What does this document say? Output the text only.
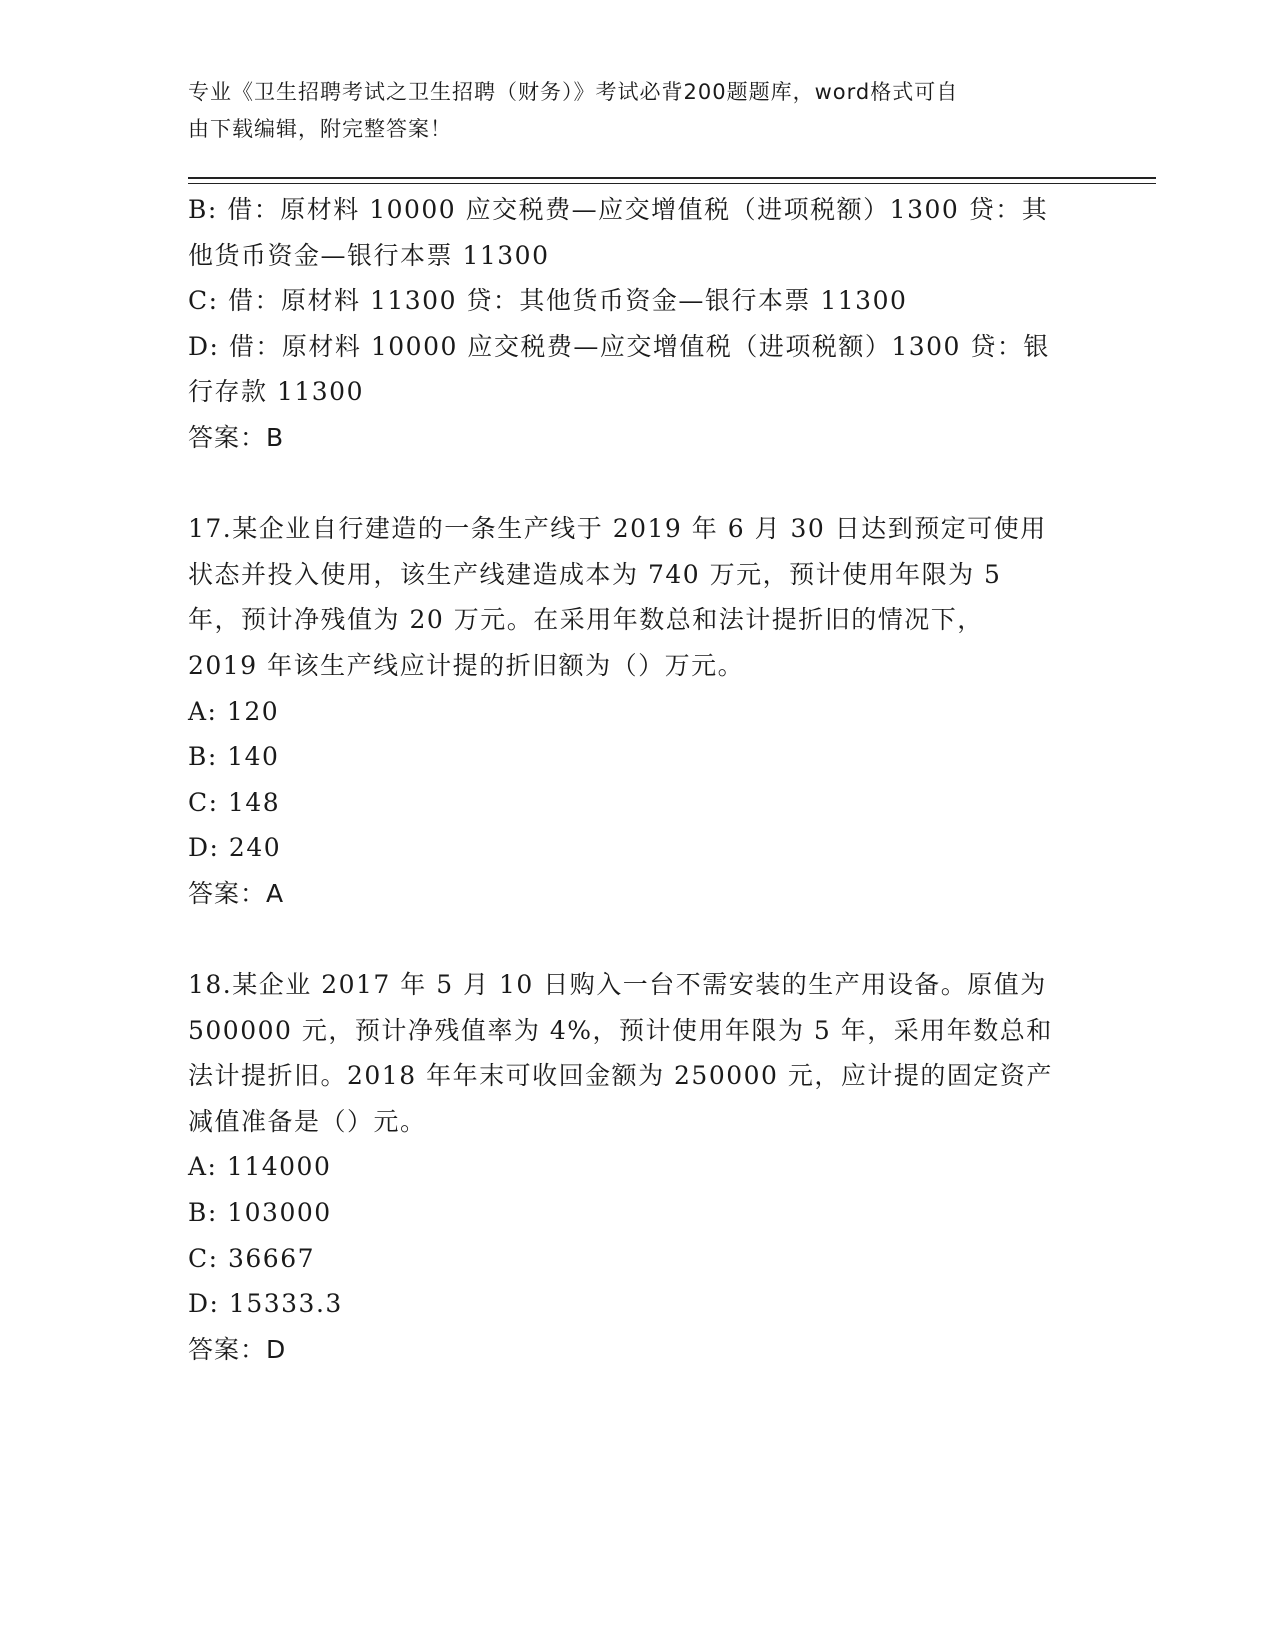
专业《卫生招聘考试之卫生招聘（财务）》考试必背200题题库，word格式可自
由下载编辑，附完整答案！
B: 借：原材料 10000 应交税费—应交增值税（进项税额）1300 贷：其
他货币资金—银行本票 11300
C: 借：原材料 11300 贷：其他货币资金—银行本票 11300
D: 借：原材料 10000 应交税费—应交增值税（进项税额）1300 贷：银
行存款 11300
答案：B
17.某企业自行建造的一条生产线于 2019 年 6 月 30 日达到预定可使用
状态并投入使用，该生产线建造成本为 740 万元，预计使用年限为 5
年，预计净残值为 20 万元。在采用年数总和法计提折旧的情况下，
2019 年该生产线应计提的折旧额为（）万元。
A: 120
B: 140
C: 148
D: 240
答案：A
18.某企业 2017 年 5 月 10 日购入一台不需安装的生产用设备。原值为
500000 元，预计净残值率为 4%，预计使用年限为 5 年，采用年数总和
法计提折旧。2018 年年末可收回金额为 250000 元，应计提的固定资产
减值准备是（）元。
A: 114000
B: 103000
C: 36667
D: 15333.3
答案：D
